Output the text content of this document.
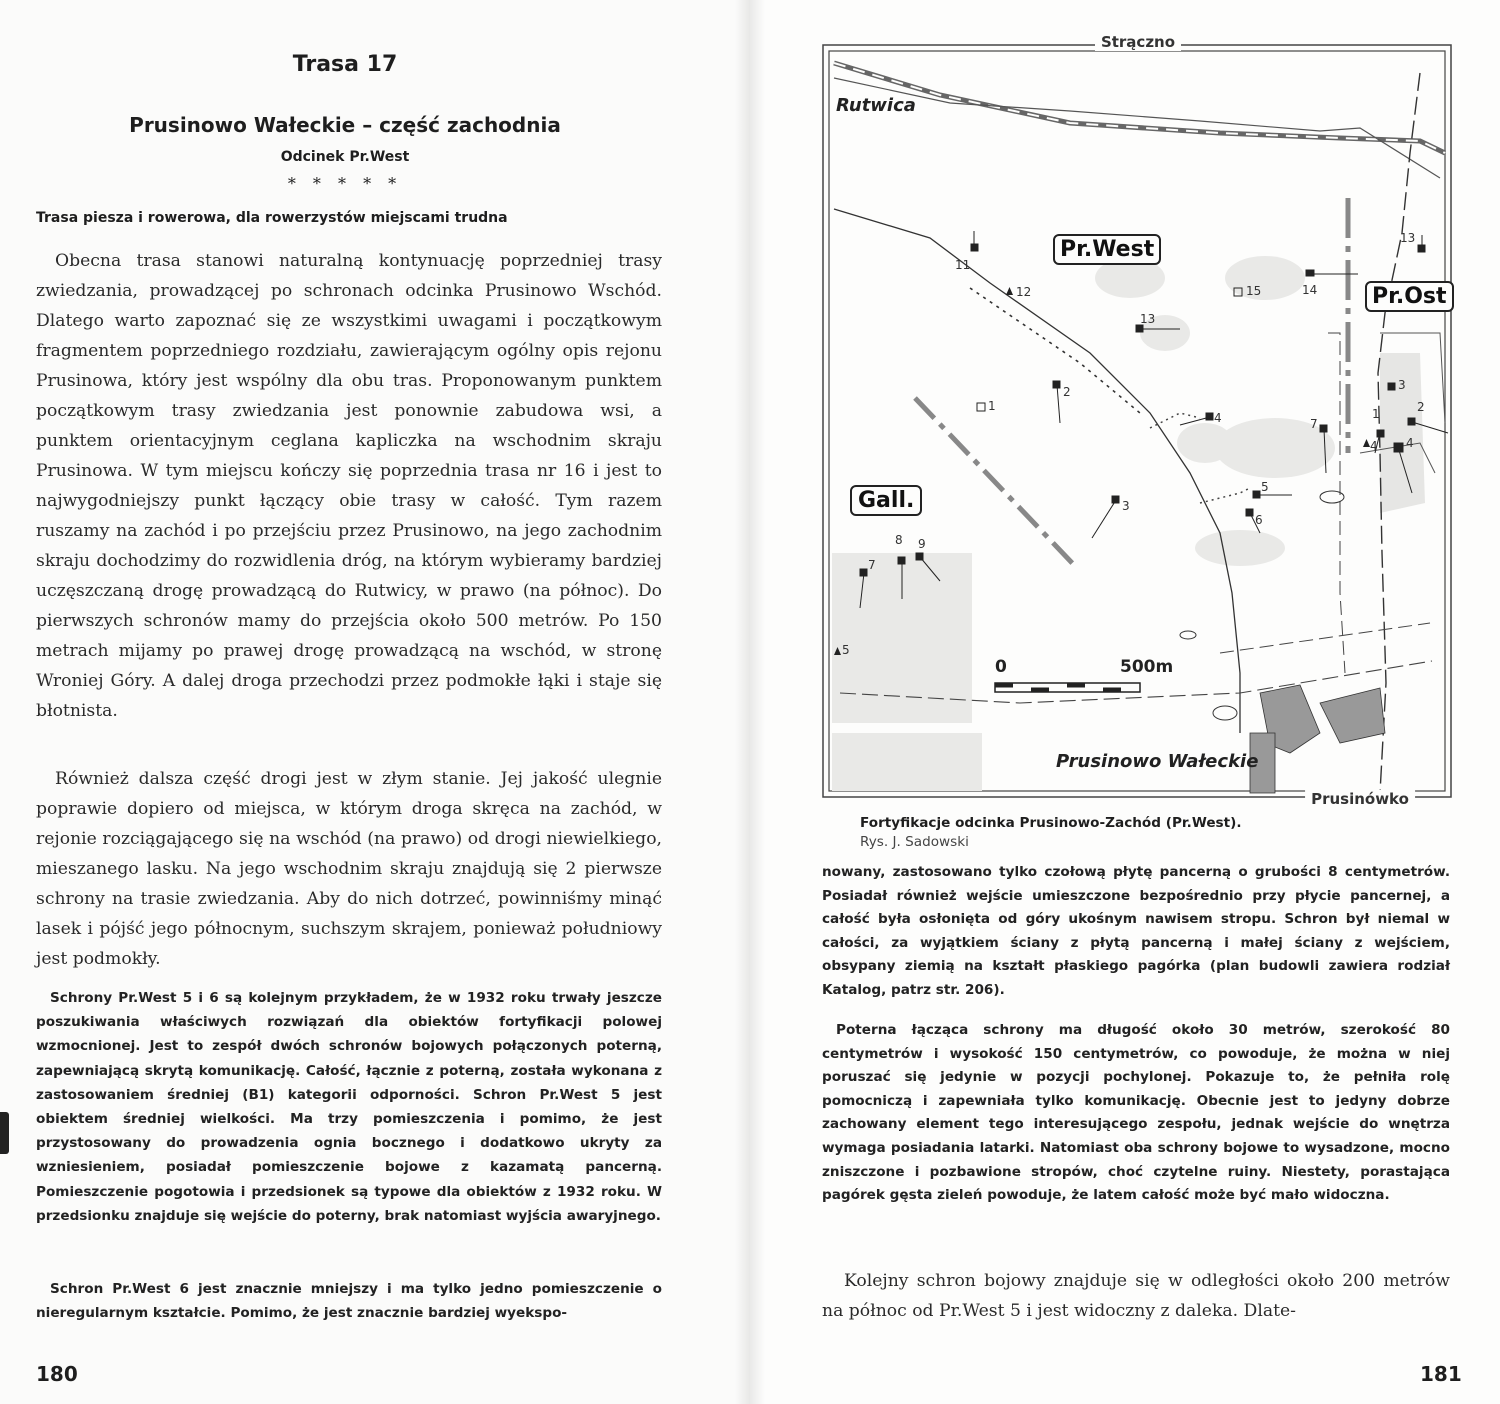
Trasa 17
Prusinowo Wałeckie – część zachodnia
Odcinek Pr.West
* * * * *
Trasa piesza i rowerowa, dla rowerzystów miejscami trudna

Obecna trasa stanowi naturalną kontynuację poprzedniej trasy zwiedzania, prowadzącej po schronach odcinka Prusinowo Wschód. Dlatego warto zapoznać się ze wszystkimi uwagami i początkowym fragmentem poprzedniego rozdziału, zawierającym ogólny opis rejonu Prusinowa, który jest wspólny dla obu tras. Proponowanym punktem początkowym trasy zwiedzania jest ponownie zabudowa wsi, a punktem orientacyjnym ceglana kapliczka na wschodnim skraju Prusinowa. W tym miejscu kończy się poprzednia trasa nr 16 i jest to najwygodniejszy punkt łączący obie trasy w całość. Tym razem ruszamy na zachód i po przejściu przez Prusinowo, na jego zachodnim skraju dochodzimy do rozwidlenia dróg, na którym wybieramy bardziej uczęszczaną drogę prowadzącą do Rutwicy, w prawo (na północ). Do pierwszych schronów mamy do przejścia około 500 metrów. Po 150 metrach mijamy po prawej drogę prowadzącą na wschód, w stronę Wroniej Góry. A dalej droga przechodzi przez podmokłe łąki i staje się błotnista.

Również dalsza część drogi jest w złym stanie. Jej jakość ulegnie poprawie dopiero od miejsca, w którym droga skręca na zachód, w rejonie rozciągającego się na wschód (na prawo) od drogi niewielkiego, mieszanego lasku. Na jego wschodnim skraju znajdują się 2 pierwsze schrony na trasie zwiedzania. Aby do nich dotrzeć, powinniśmy minąć lasek i pójść jego północnym, suchszym skrajem, ponieważ południowy jest podmokły.

Schrony Pr.West 5 i 6 są kolejnym przykładem, że w 1932 roku trwały jeszcze poszukiwania właściwych rozwiązań dla obiektów fortyfikacji polowej wzmocnionej. Jest to zespół dwóch schronów bojowych połączonych poterną, zapewniającą skrytą komunikację. Całość, łącznie z poterną, została wykonana z zastosowaniem średniej (B1) kategorii odporności. Schron Pr.West 5 jest obiektem średniej wielkości. Ma trzy pomieszczenia i pomimo, że jest przystosowany do prowadzenia ognia bocznego i dodatkowo ukryty za wzniesieniem, posiadał pomieszczenie bojowe z kazamatą pancerną. Pomieszczenie pogotowia i przedsionek są typowe dla obiektów z 1932 roku. W przedsionku znajduje się wejście do poterny, brak natomiast wyjścia awaryjnego.

Schron Pr.West 6 jest znacznie mniejszy i ma tylko jedno pomieszczenie o nieregularnym kształcie. Pomimo, że jest znacznie bardziej wyekspo-

180
Strączno
Prusinówko
Rutwica
Prusinowo Wałeckie
Pr.West
Pr.Ost
Gall.
0	500m
1
2
3
4
5
6
11
12
13
14
15
13
3
1	2
4
4
7
8 9
7
5
Fortyfikacje odcinka Prusinowo-Zachód (Pr.West).
Rys. J. Sadowski

nowany, zastosowano tylko czołową płytę pancerną o grubości 8 centymetrów. Posiadał również wejście umieszczone bezpośrednio przy płycie pancernej, a całość była osłonięta od góry ukośnym nawisem stropu. Schron był niemal w całości, za wyjątkiem ściany z płytą pancerną i małej ściany z wejściem, obsypany ziemią na kształt płaskiego pagórka (plan budowli zawiera rodział Katalog, patrz str. 206).

Poterna łącząca schrony ma długość około 30 metrów, szerokość 80 centymetrów i wysokość 150 centymetrów, co powoduje, że można w niej poruszać się jedynie w pozycji pochylonej. Pokazuje to, że pełniła rolę pomocniczą i zapewniała tylko komunikację. Obecnie jest to jedyny dobrze zachowany element tego interesującego zespołu, jednak wejście do wnętrza wymaga posiadania latarki. Natomiast oba schrony bojowe to wysadzone, mocno zniszczone i pozbawione stropów, choć czytelne ruiny. Niestety, porastająca pagórek gęsta zieleń powoduje, że latem całość może być mało widoczna.

Kolejny schron bojowy znajduje się w odległości około 200 metrów na północ od Pr.West 5 i jest widoczny z daleka. Dlate-

181
